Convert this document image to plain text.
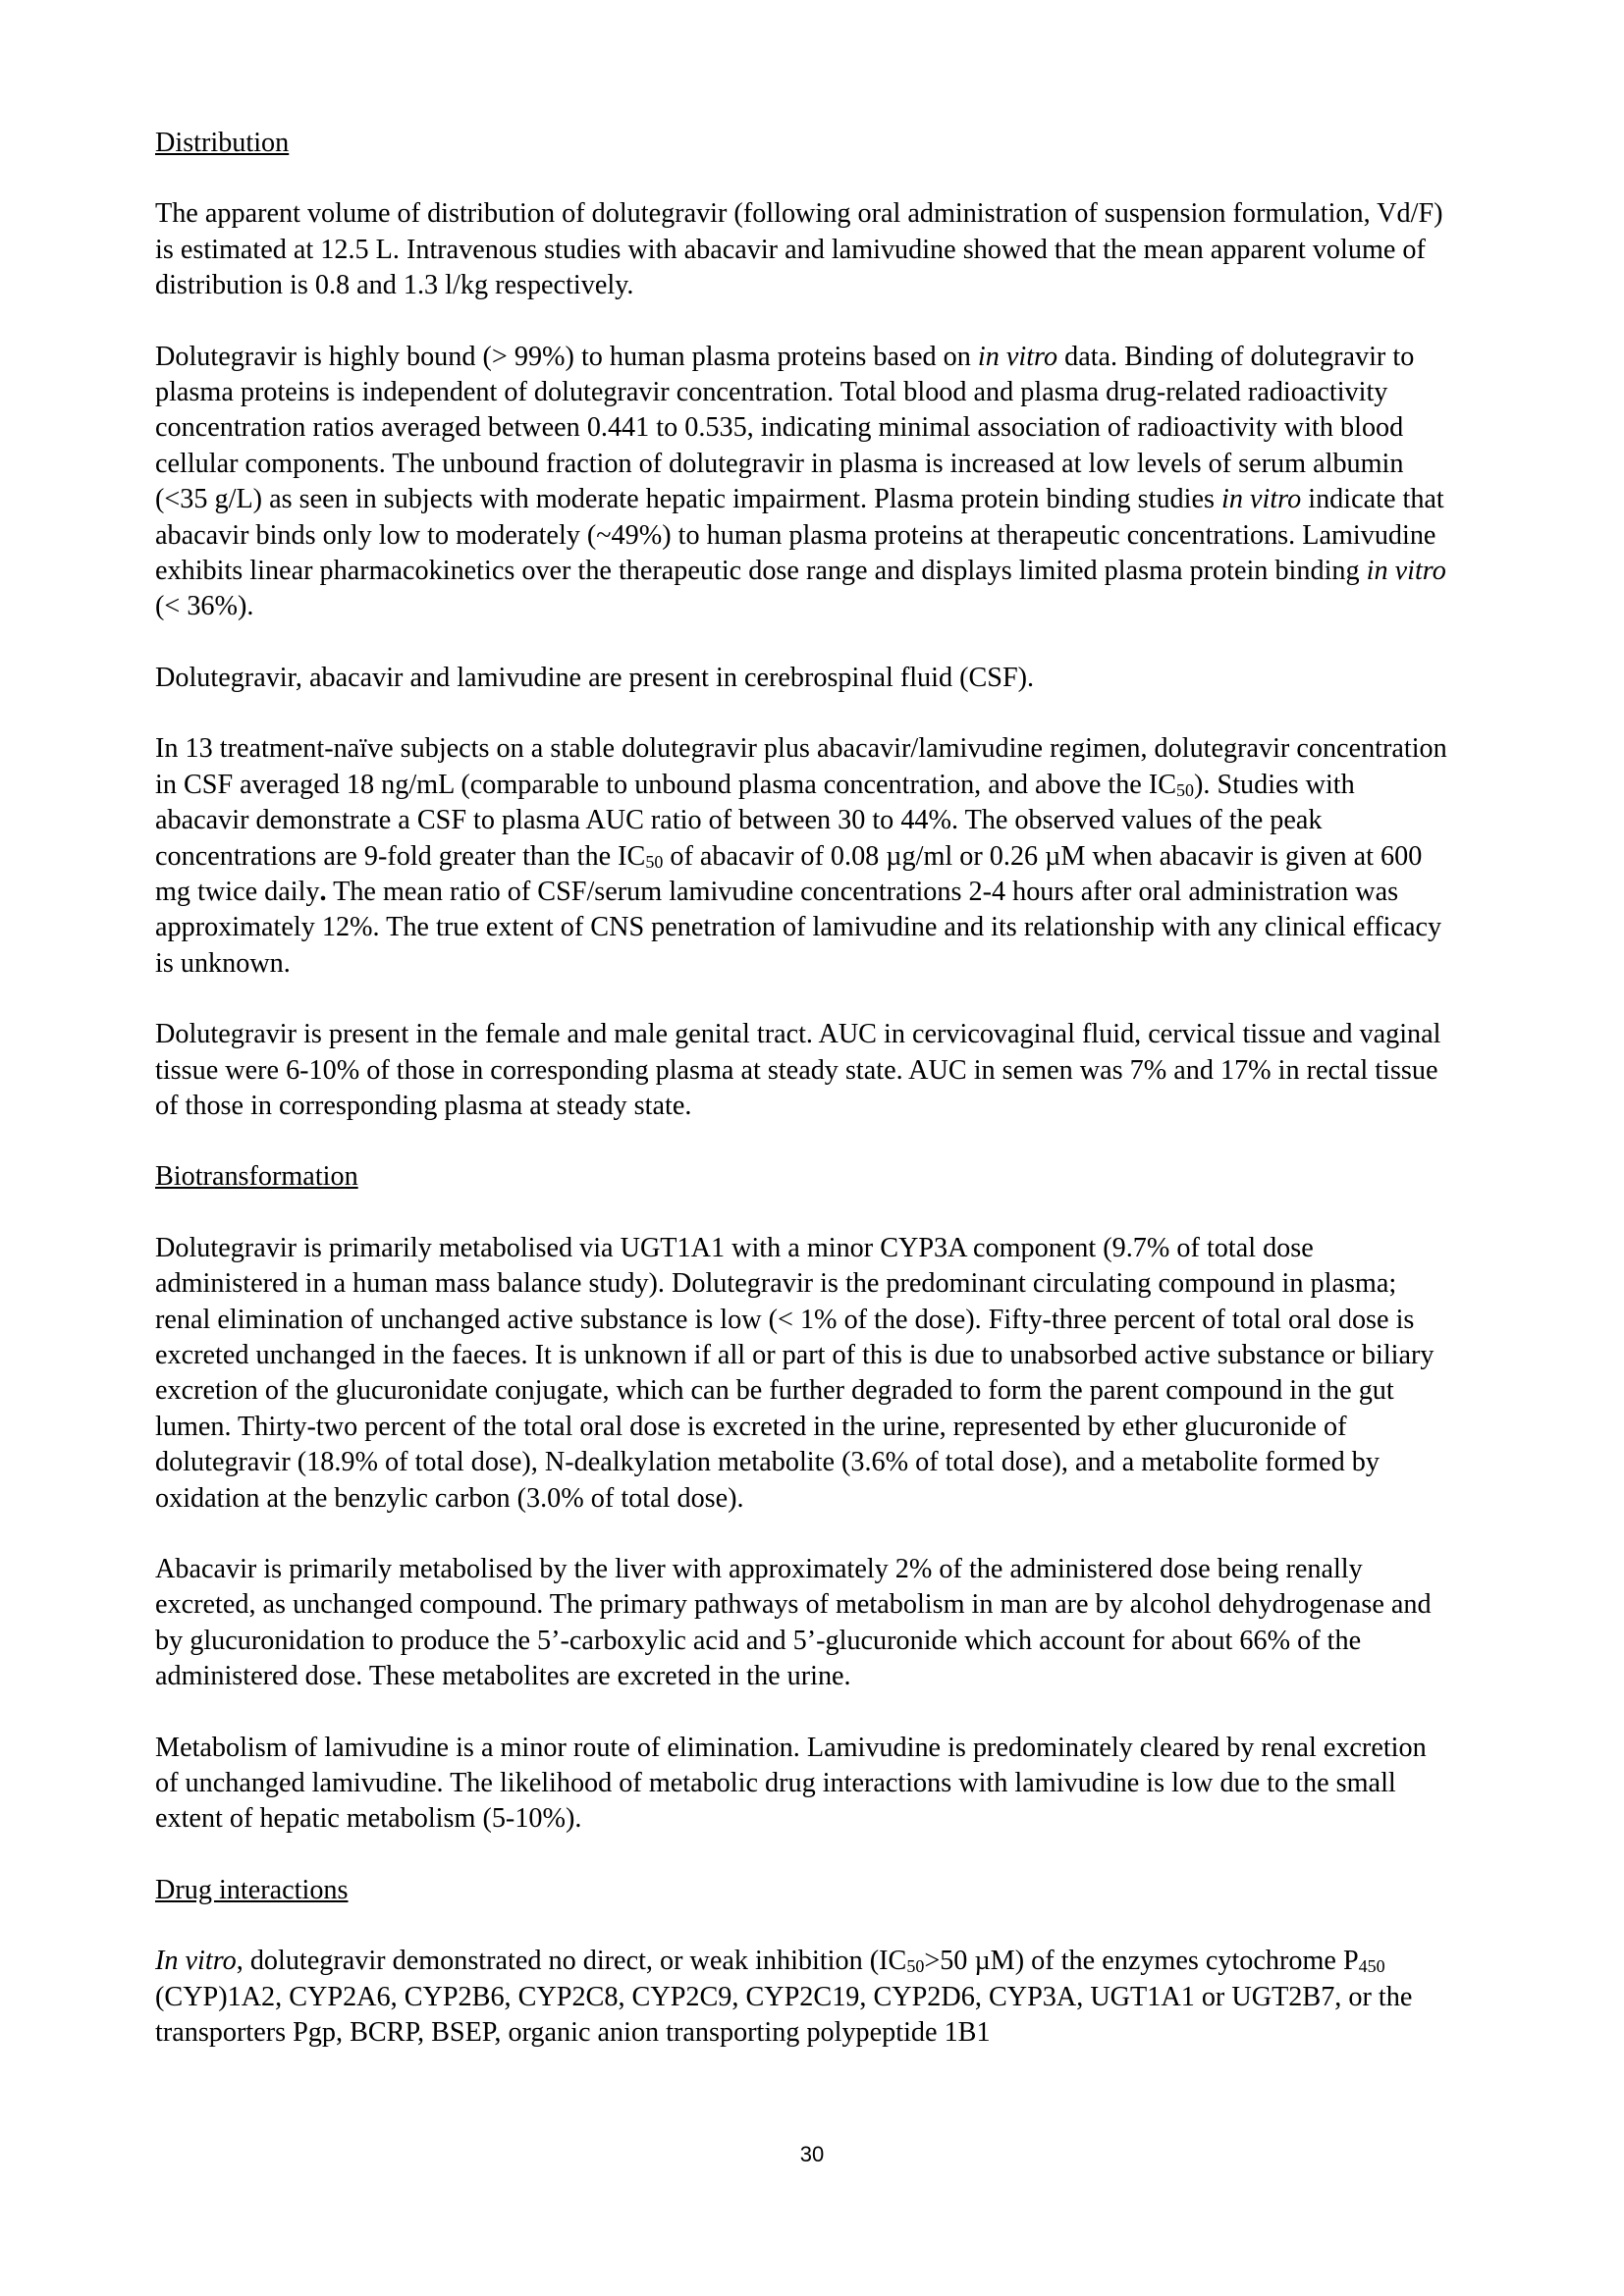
Distribution
The apparent volume of distribution of dolutegravir (following oral administration of suspension formulation, Vd/F) is estimated at 12.5 L. Intravenous studies with abacavir and lamivudine showed that the mean apparent volume of distribution is 0.8 and 1.3 l/kg respectively.
Dolutegravir is highly bound (> 99%) to human plasma proteins based on in vitro data. Binding of dolutegravir to plasma proteins is independent of dolutegravir concentration. Total blood and plasma drug-related radioactivity concentration ratios averaged between 0.441 to 0.535, indicating minimal association of radioactivity with blood cellular components. The unbound fraction of dolutegravir in plasma is increased at low levels of serum albumin (<35 g/L) as seen in subjects with moderate hepatic impairment. Plasma protein binding studies in vitro indicate that abacavir binds only low to moderately (~49%) to human plasma proteins at therapeutic concentrations. Lamivudine exhibits linear pharmacokinetics over the therapeutic dose range and displays limited plasma protein binding in vitro
(< 36%).
Dolutegravir, abacavir and lamivudine are present in cerebrospinal fluid (CSF).
In 13 treatment-naïve subjects on a stable dolutegravir plus abacavir/lamivudine regimen, dolutegravir concentration in CSF averaged 18 ng/mL (comparable to unbound plasma concentration, and above the IC50). Studies with abacavir demonstrate a CSF to plasma AUC ratio of between 30 to 44%. The observed values of the peak concentrations are 9-fold greater than the IC50 of abacavir of 0.08 µg/ml or 0.26 µM when abacavir is given at 600 mg twice daily. The mean ratio of CSF/serum lamivudine concentrations 2-4 hours after oral administration was approximately 12%. The true extent of CNS penetration of lamivudine and its relationship with any clinical efficacy is unknown.
Dolutegravir is present in the female and male genital tract. AUC in cervicovaginal fluid, cervical tissue and vaginal tissue were 6-10% of those in corresponding plasma at steady state. AUC in semen was 7% and 17% in rectal tissue of those in corresponding plasma at steady state.
Biotransformation
Dolutegravir is primarily metabolised via UGT1A1 with a minor CYP3A component (9.7% of total dose administered in a human mass balance study). Dolutegravir is the predominant circulating compound in plasma; renal elimination of unchanged active substance is low (< 1% of the dose). Fifty-three percent of total oral dose is excreted unchanged in the faeces. It is unknown if all or part of this is due to unabsorbed active substance or biliary excretion of the glucuronidate conjugate, which can be further degraded to form the parent compound in the gut lumen. Thirty-two percent of the total oral dose is excreted in the urine, represented by ether glucuronide of dolutegravir (18.9% of total dose), N-dealkylation metabolite (3.6% of total dose), and a metabolite formed by oxidation at the benzylic carbon (3.0% of total dose).
Abacavir is primarily metabolised by the liver with approximately 2% of the administered dose being renally excreted, as unchanged compound. The primary pathways of metabolism in man are by alcohol dehydrogenase and by glucuronidation to produce the 5’-carboxylic acid and 5’-glucuronide which account for about 66% of the administered dose. These metabolites are excreted in the urine.
Metabolism of lamivudine is a minor route of elimination. Lamivudine is predominately cleared by renal excretion of unchanged lamivudine. The likelihood of metabolic drug interactions with lamivudine is low due to the small extent of hepatic metabolism (5-10%).
Drug interactions
In vitro, dolutegravir demonstrated no direct, or weak inhibition (IC50>50 µM) of the enzymes cytochrome P450 (CYP)1A2, CYP2A6, CYP2B6, CYP2C8, CYP2C9, CYP2C19, CYP2D6, CYP3A, UGT1A1 or UGT2B7, or the transporters Pgp, BCRP, BSEP, organic anion transporting polypeptide 1B1
30
